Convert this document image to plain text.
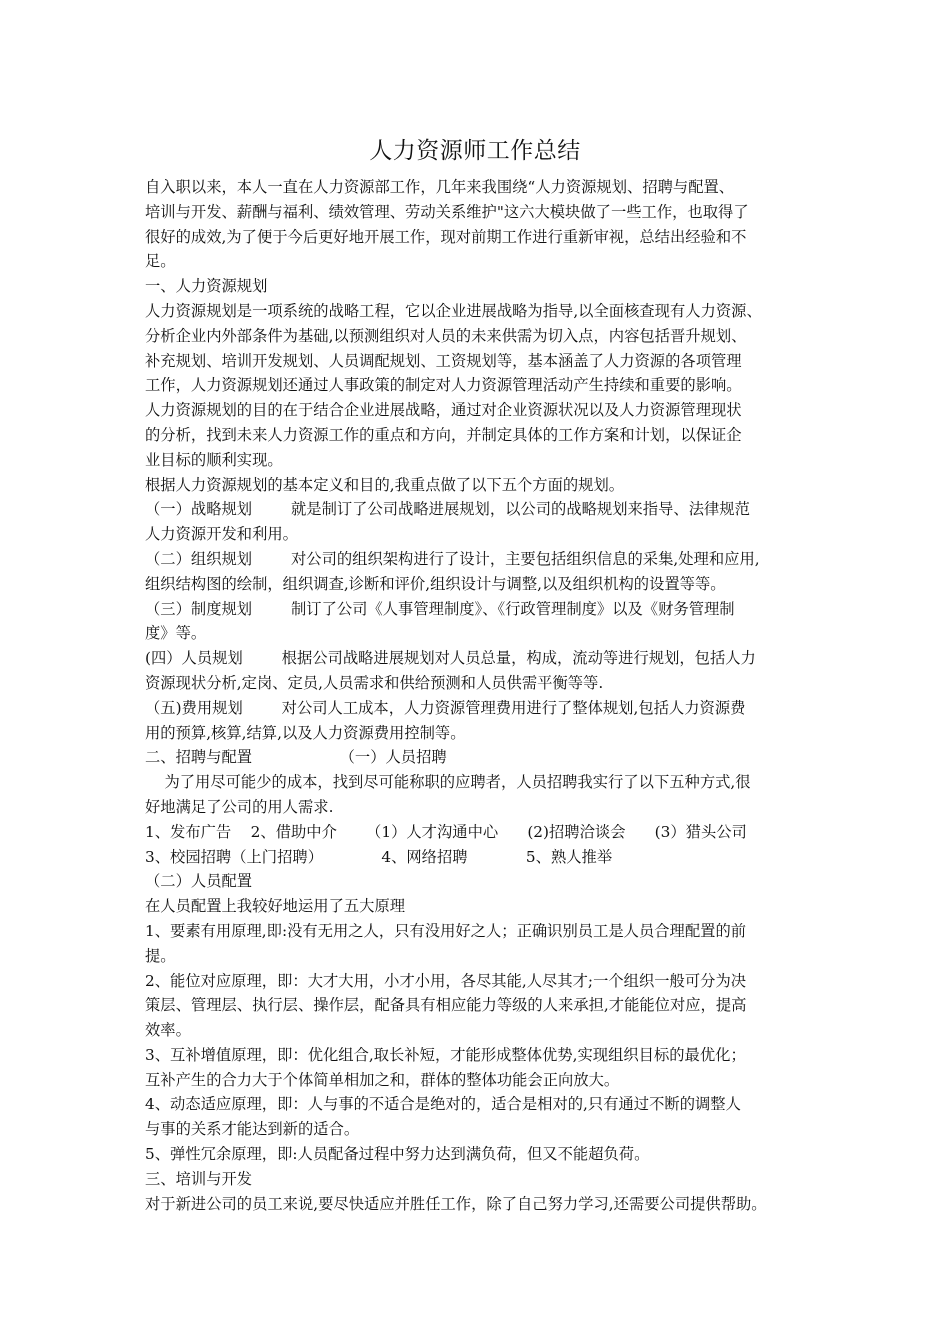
人力资源师工作总结
自入职以来，本人一直在人力资源部工作，几年来我围绕“人力资源规划、招聘与配置、
培训与开发、薪酬与福利、绩效管理、劳动关系维护"这六大模块做了一些工作，也取得了
很好的成效,为了便于今后更好地开展工作，现对前期工作进行重新审视，总结出经验和不
足。
一、人力资源规划
人力资源规划是一项系统的战略工程，它以企业进展战略为指导,以全面核查现有人力资源、
分析企业内外部条件为基础,以预测组织对人员的未来供需为切入点，内容包括晋升规划、
补充规划、培训开发规划、人员调配规划、工资规划等，基本涵盖了人力资源的各项管理
工作，人力资源规划还通过人事政策的制定对人力资源管理活动产生持续和重要的影响。
人力资源规划的目的在于结合企业进展战略，通过对企业资源状况以及人力资源管理现状
的分析，找到未来人力资源工作的重点和方向，并制定具体的工作方案和计划，以保证企
业目标的顺利实现。
根据人力资源规划的基本定义和目的,我重点做了以下五个方面的规划。
（一）战略规划        就是制订了公司战略进展规划，以公司的战略规划来指导、法律规范
人力资源开发和利用。
（二）组织规划        对公司的组织架构进行了设计，主要包括组织信息的采集,处理和应用,
组织结构图的绘制，组织调查,诊断和评价,组织设计与调整,以及组织机构的设置等等。
（三）制度规划        制订了公司《人事管理制度》、《行政管理制度》以及《财务管理制
度》等。
(四）人员规划        根据公司战略进展规划对人员总量，构成，流动等进行规划，包括人力
资源现状分析,定岗、定员,人员需求和供给预测和人员供需平衡等等.
（五)费用规划        对公司人工成本，人力资源管理费用进行了整体规划,包括人力资源费
用的预算,核算,结算,以及人力资源费用控制等。
二、招聘与配置                  （一）人员招聘
为了用尽可能少的成本，找到尽可能称职的应聘者，人员招聘我实行了以下五种方式,很
好地满足了公司的用人需求.
1、发布广告    2、借助中介      （1）人才沟通中心      (2)招聘洽谈会      (3）猎头公司
3、校园招聘（上门招聘）            4、网络招聘            5、熟人推举
（二）人员配置
在人员配置上我较好地运用了五大原理
1、要素有用原理,即:没有无用之人，只有没用好之人；正确识别员工是人员合理配置的前
提。
2、能位对应原理，即：大才大用，小才小用，各尽其能,人尽其才;一个组织一般可分为决
策层、管理层、执行层、操作层，配备具有相应能力等级的人来承担,才能能位对应，提高
效率。
3、互补增值原理，即：优化组合,取长补短，才能形成整体优势,实现组织目标的最优化；
互补产生的合力大于个体简单相加之和，群体的整体功能会正向放大。
4、动态适应原理，即：人与事的不适合是绝对的，适合是相对的,只有通过不断的调整人
与事的关系才能达到新的适合。
5、弹性冗余原理，即:人员配备过程中努力达到满负荷，但又不能超负荷。
三、培训与开发
对于新进公司的员工来说,要尽快适应并胜任工作，除了自己努力学习,还需要公司提供帮助。
